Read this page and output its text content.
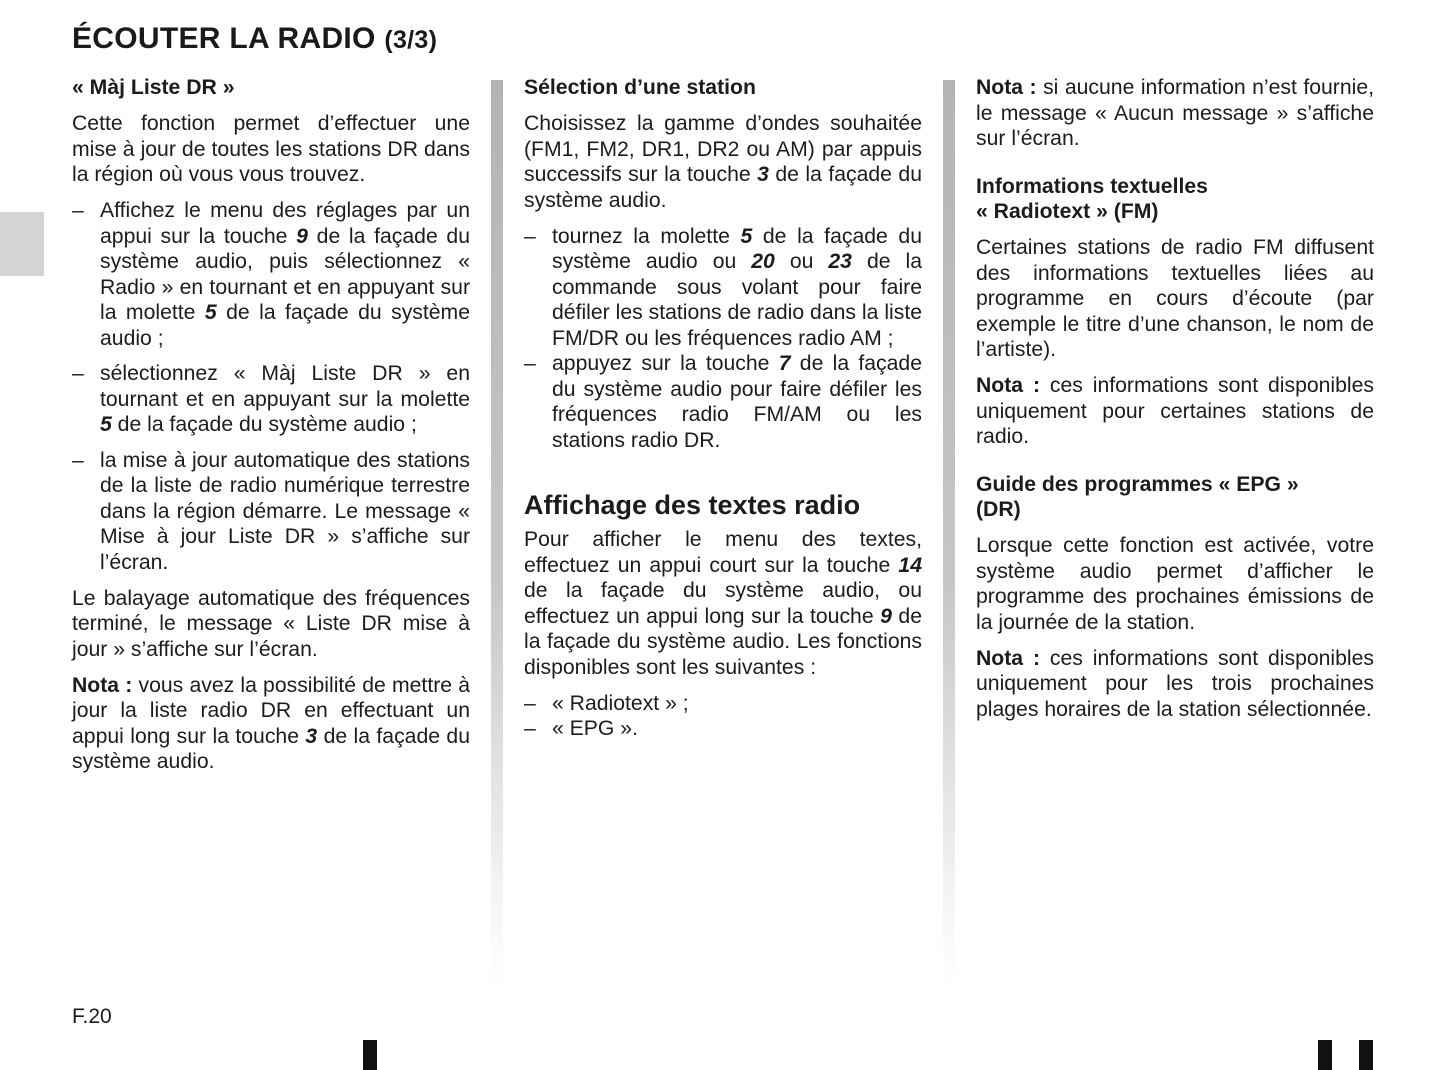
ÉCOUTER LA RADIO (3/3)

« Màj Liste DR »

Cette fonction permet d’effectuer une mise à jour de toutes les stations DR dans la région où vous vous trouvez.

– Affichez le menu des réglages par un appui sur la touche 9 de la façade du système audio, puis sélectionnez « Radio » en tournant et en appuyant sur la molette 5 de la façade du système audio ;
– sélectionnez « Màj Liste DR » en tournant et en appuyant sur la molette 5 de la façade du système audio ;
– la mise à jour automatique des stations de la liste de radio numérique terrestre dans la région démarre. Le message « Mise à jour Liste DR » s’affiche sur l’écran.

Le balayage automatique des fréquences terminé, le message « Liste DR mise à jour » s’affiche sur l’écran.

Nota : vous avez la possibilité de mettre à jour la liste radio DR en effectuant un appui long sur la touche 3 de la façade du système audio.

Sélection d’une station

Choisissez la gamme d’ondes souhaitée (FM1, FM2, DR1, DR2 ou AM) par appuis successifs sur la touche 3 de la façade du système audio.

– tournez la molette 5 de la façade du système audio ou 20 ou 23 de la commande sous volant pour faire défiler les stations de radio dans la liste FM/DR ou les fréquences radio AM ;
– appuyez sur la touche 7 de la façade du système audio pour faire défiler les fréquences radio FM/AM ou les stations radio DR.

Affichage des textes radio

Pour afficher le menu des textes, effectuez un appui court sur la touche 14 de la façade du système audio, ou effectuez un appui long sur la touche 9 de la façade du système audio. Les fonctions disponibles sont les suivantes :

– « Radiotext » ;
– « EPG ».

Nota : si aucune information n’est fournie, le message « Aucun message » s’affiche sur l’écran.

Informations textuelles
« Radiotext » (FM)

Certaines stations de radio FM diffusent des informations textuelles liées au programme en cours d’écoute (par exemple le titre d’une chanson, le nom de l’artiste).

Nota : ces informations sont disponibles uniquement pour certaines stations de radio.

Guide des programmes « EPG »
(DR)

Lorsque cette fonction est activée, votre système audio permet d’afficher le programme des prochaines émissions de la journée de la station.

Nota : ces informations sont disponibles uniquement pour les trois prochaines plages horaires de la station sélectionnée.

F.20
